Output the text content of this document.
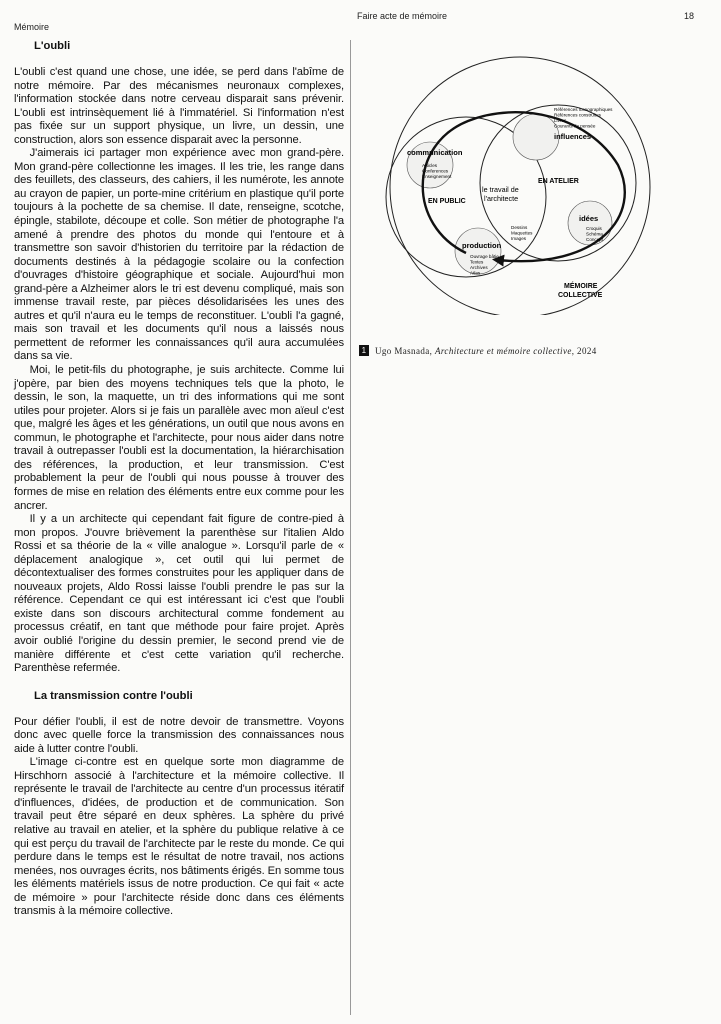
Mémoire
Faire acte de mémoire	18
L'oubli

L'oubli c'est quand une chose, une idée, se perd dans l'abîme de notre mémoire. Par des mécanismes neuronaux complexes, l'information stockée dans notre cerveau disparait sans prévenir. L'oubli est intrinsèquement lié à l'immatériel. Si l'information n'est pas fixée sur un support physique, un livre, un dessin, une construction, alors son essence disparait avec la personne.

J'aimerais ici partager mon expérience avec mon grand-père. Mon grand-père collectionne les images. Il les trie, les range dans des feuillets, des classeurs, des cahiers, il les numérote, les annote au crayon de papier, un porte-mine critérium en plastique qu'il porte toujours à la pochette de sa chemise. Il date, renseigne, scotche, épingle, stabilote, découpe et colle. Son métier de photographe l'a amené à prendre des photos du monde qui l'entoure et à transmettre son savoir d'historien du territoire par la rédaction de documents destinés à la pédagogie scolaire ou la confection d'ouvrages d'histoire géographique et sociale. Aujourd'hui mon grand-père a Alzheimer alors le tri est devenu compliqué, mais son immense travail reste, par pièces désolidarisées les unes des autres et qu'il n'aura eu le temps de reconstituer. L'oubli l'a gagné, mais son travail et les documents qu'il nous a laissés nous permettent de reformer les connaissances qu'il aura accumulées dans sa vie.

Moi, le petit-fils du photographe, je suis architecte. Comme lui j'opère, par bien des moyens techniques tels que la photo, le dessin, le son, la maquette, un tri des informations qui me sont utiles pour projeter. Alors si je fais un parallèle avec mon aïeul c'est que, malgré les âges et les générations, un outil que nous avons en commun, le photographe et l'architecte, pour nous aider dans notre travail à outrepasser l'oubli est la documentation, la hiérarchisation des références, la production, et leur transmission. C'est probablement la peur de l'oubli qui nous pousse à trouver des formes de mise en relation des éléments entre eux comme pour les ancrer.

Il y a un architecte qui cependant fait figure de contre-pied à mon propos. J'ouvre brièvement la parenthèse sur l'italien Aldo Rossi et sa théorie de la « ville analogue ». Lorsqu'il parle de « déplacement analogique », cet outil qui lui permet de décontextualiser des formes construites pour les appliquer dans de nouveaux projets, Aldo Rossi laisse l'oubli prendre le pas sur la référence. Cependant ce qui est intéressant ici c'est que l'oubli existe dans son discours architectural comme fondement au processus créatif, en tant que méthode pour faire projet. Après avoir oublié l'origine du dessin premier, le second prend vie de manière différente et c'est cette variation qu'il recherche. Parenthèse refermée.

La transmission contre l'oubli

Pour défier l'oubli, il est de notre devoir de transmettre. Voyons donc avec quelle force la transmission des connaissances nous aide à lutter contre l'oubli.

L'image ci-contre est en quelque sorte mon diagramme de Hirschhorn associé à l'architecture et la mémoire collective. Il représente le travail de l'architecte au centre d'un processus itératif d'influences, d'idées, de production et de communication. Son travail peut être séparé en deux sphères. La sphère du privé relative au travail en atelier, et la sphère du publique relative à ce qui est perçu du travail de l'architecte par le reste du monde. Ce qui perdure dans le temps est le résultat de notre travail, nos actions menées, nos ouvrages écrits, nos bâtiments érigés. En somme tous les éléments matériels issus de notre production. Ce qui fait « acte de mémoire » pour l'architecte réside donc dans ces éléments transmis à la mémoire collective.

communication
Articles
Conferences
Enseignement
Références iconographiques
Références construites
Livres
Courants de pensée
influences
idées
Croquis
Schéma
Concept
production
Ouvrage bâtie
Textes
Archives
Atlas
Dessins
Maquettes
Images
le travail de
l'architecte
EN PUBLIC
EN ATELIER
MÉMOIRE
COLLECTIVE
1 Ugo Masnada, Architecture et mémoire collective, 2024
